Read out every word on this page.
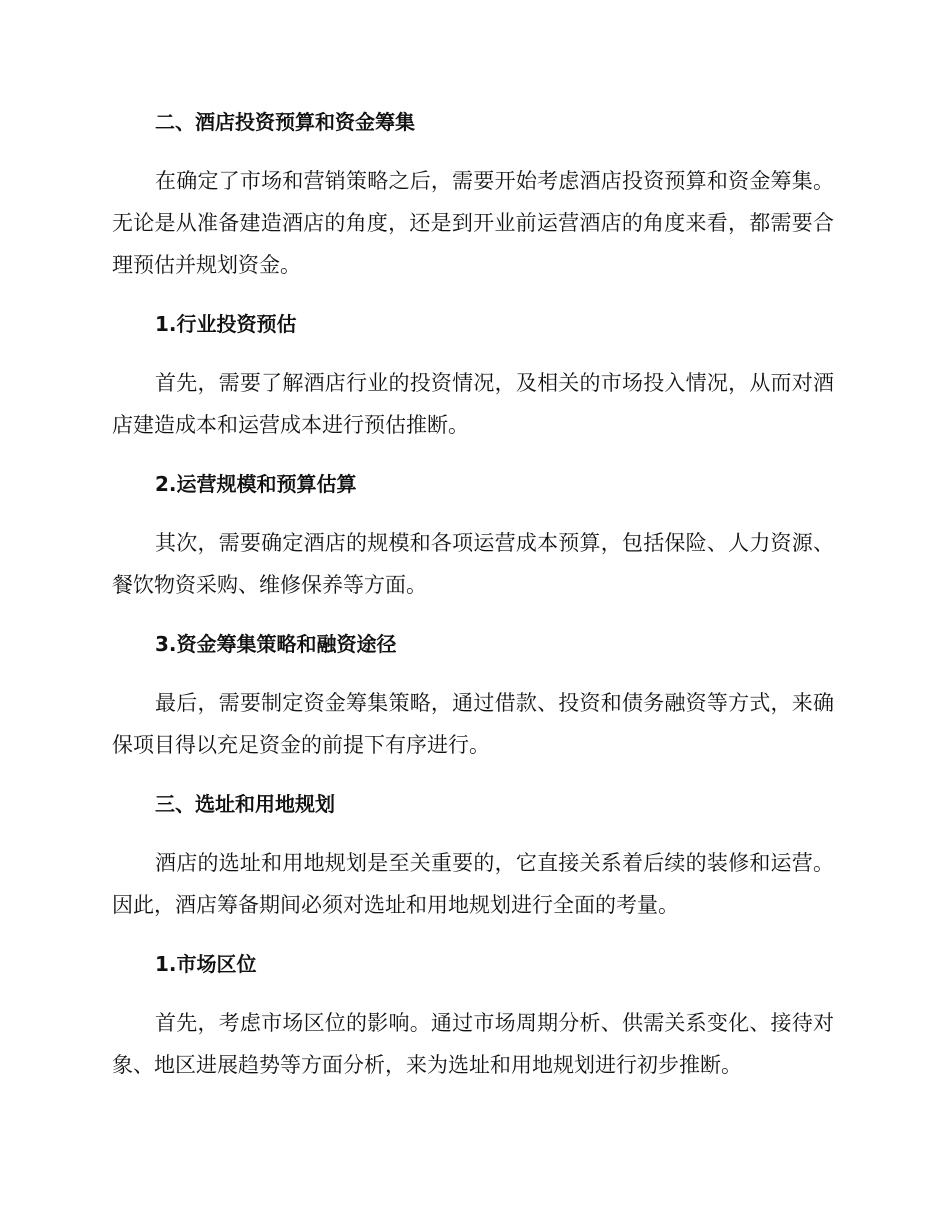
二、酒店投资预算和资金筹集

在确定了市场和营销策略之后，需要开始考虑酒店投资预算和资金筹集。无论是从准备建造酒店的角度，还是到开业前运营酒店的角度来看，都需要合理预估并规划资金。

1.行业投资预估

首先，需要了解酒店行业的投资情况，及相关的市场投入情况，从而对酒店建造成本和运营成本进行预估推断。

2.运营规模和预算估算

其次，需要确定酒店的规模和各项运营成本预算，包括保险、人力资源、餐饮物资采购、维修保养等方面。

3.资金筹集策略和融资途径

最后，需要制定资金筹集策略，通过借款、投资和债务融资等方式，来确保项目得以充足资金的前提下有序进行。

三、选址和用地规划

酒店的选址和用地规划是至关重要的，它直接关系着后续的装修和运营。因此，酒店筹备期间必须对选址和用地规划进行全面的考量。

1.市场区位

首先，考虑市场区位的影响。通过市场周期分析、供需关系变化、接待对象、地区进展趋势等方面分析，来为选址和用地规划进行初步推断。
